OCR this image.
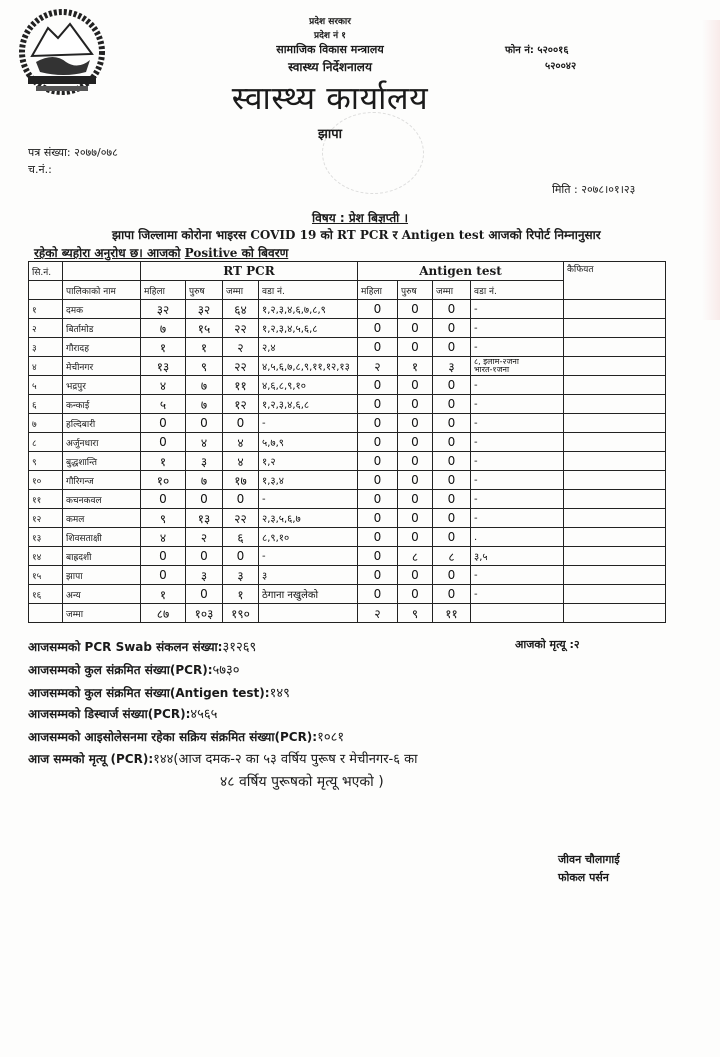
प्रदेश सरकार
प्रदेश नं १
सामाजिक विकास मन्त्रालय
स्वास्थ्य निर्देशनालय
स्वास्थ्य कार्यालय
झापा
फोन नं: ५२००१६
५२००४२
पत्र संख्या: २०७७/०७८
च.नं.:
मिति : २०७८।०१।२३
विषय : प्रेश बिज्ञप्ती ।
झापा जिल्लामा कोरोना भाइरस COVID 19 को RT PCR र Antigen test आजको रिपोर्ट निम्नानुसार
रहेको ब्यहोरा अनुरोध छ। आजको Positive को बिवरण
सि.नं.		RT PCR				Antigen test				कैफियत
	पालिकाको नाम	महिला	पुरुष	जम्मा	वडा नं.	महिला	पुरुष	जम्मा	वडा नं.	
१	दमक	३२	३२	६४	१,२,३,४,६,७,८,९	0	0	0	-	
२	बिर्तामोड	७	१५	२२	१,२,३,४,५,६,८	0	0	0	-	
३	गौरादह	१	१	२	२,४	0	0	0	-	
४	मेचीनगर	१३	९	२२	४,५,६,७,८,९,११,१२,१३	२	१	३	८, इलाम-२जना
भारत-१जना	

५	भद्रपुर	४	७	११	४,६,८,९,१०	0	0	0	-	
६	कन्काई	५	७	१२	१,२,३,४,६,८	0	0	0	-	
७	हल्दिबारी	0	0	0	-	0	0	0	-	
८	अर्जुनधारा	0	४	४	५,७,९	0	0	0	-	
९	बुद्धशान्ति	१	३	४	१,२	0	0	0	-	
१०	गौरिगन्ज	१०	७	१७	१,३,४	0	0	0	-	
११	कचनकवल	0	0	0	-	0	0	0	-	
१२	कमल	९	१३	२२	२,३,५,६,७	0	0	0	-	
१३	शिवसताक्षी	४	२	६	८,९,१०	0	0	0	.	
१४	बाह्रदशी	0	0	0	-	0	८	८	३,५	
१५	झापा	0	३	३	३	0	0	0	-	
१६	अन्य	१	0	१	ठेगाना नखुलेको	0	0	0	-	
	जम्मा	८७	१०३	१९०		२	९	११		
आजसम्मको PCR Swab संकलन संख्या:३१२६९	आजको मृत्यू :२
आजसम्मको कुल संक्रमित संख्या(PCR):५७३०
आजसम्मको कुल संक्रमित संख्या(Antigen test):१४९
आजसम्मको डिस्चार्ज संख्या(PCR):४५६५
आजसम्मको आइसोलेसनमा रहेका सक्रिय संक्रमित संख्या(PCR):१०८१
आज सम्मको मृत्यू (PCR):१४४(आज दमक-२ का ५३ वर्षिय पुरूष र मेचीनगर-६ का
४८ वर्षिय पुरूषको मृत्यू भएको )
जीवन चौलागाई
फोकल पर्सन
